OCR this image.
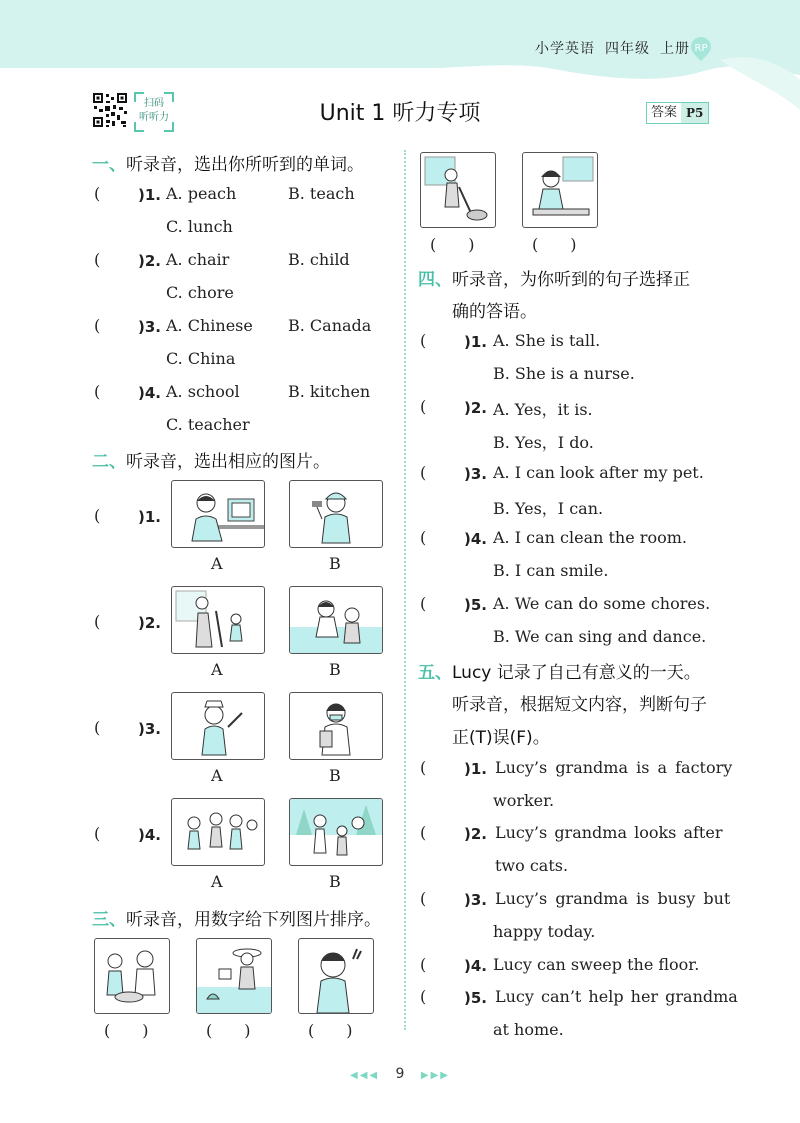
小学英语 四年级 上册 RP
扫码
听听力	Unit 1 听力专项	答案 P5
一、听录音，选出你所听到的单词。
(	)1. A. peach	B. teach
C. lunch
(	)2. A. chair	B. child
C. chore
(	)3. A. Chinese B. Canada
C. China
(	)4. A. school	B. kitchen
C. teacher
二、听录音，选出相应的图片。
(	)1.
A	B
(	)2.
A	B
(	)3.
A	B
(	)4.
A	B
三、听录音，用数字给下列图片排序。
(　　)	(　　)	(　　)
(　　)	(　　)
四、听录音，为你听到的句子选择正
确的答语。
(	)1. A. She is tall.
B. She is a nurse.
(	)2. A. Yes，it is.
B. Yes，I do.
(	)3. A. I can look after my pet.
B. Yes，I can.
(	)4. A. I can clean the room.
B. I can smile.
(	)5. A. We can do some chores.
B. We can sing and dance.
五、Lucy 记录了自己有意义的一天。
听录音，根据短文内容，判断句子
正(T)误(F)。
(	)1. Lucy’s grandma is a factory
worker.
(	)2. Lucy’s grandma looks after
two cats.
(	)3. Lucy’s grandma is busy but
happy today.
(	)4. Lucy can sweep the floor.
(	)5. Lucy can’t help her grandma
at home.
◀◀◀ 9 ▶▶▶
